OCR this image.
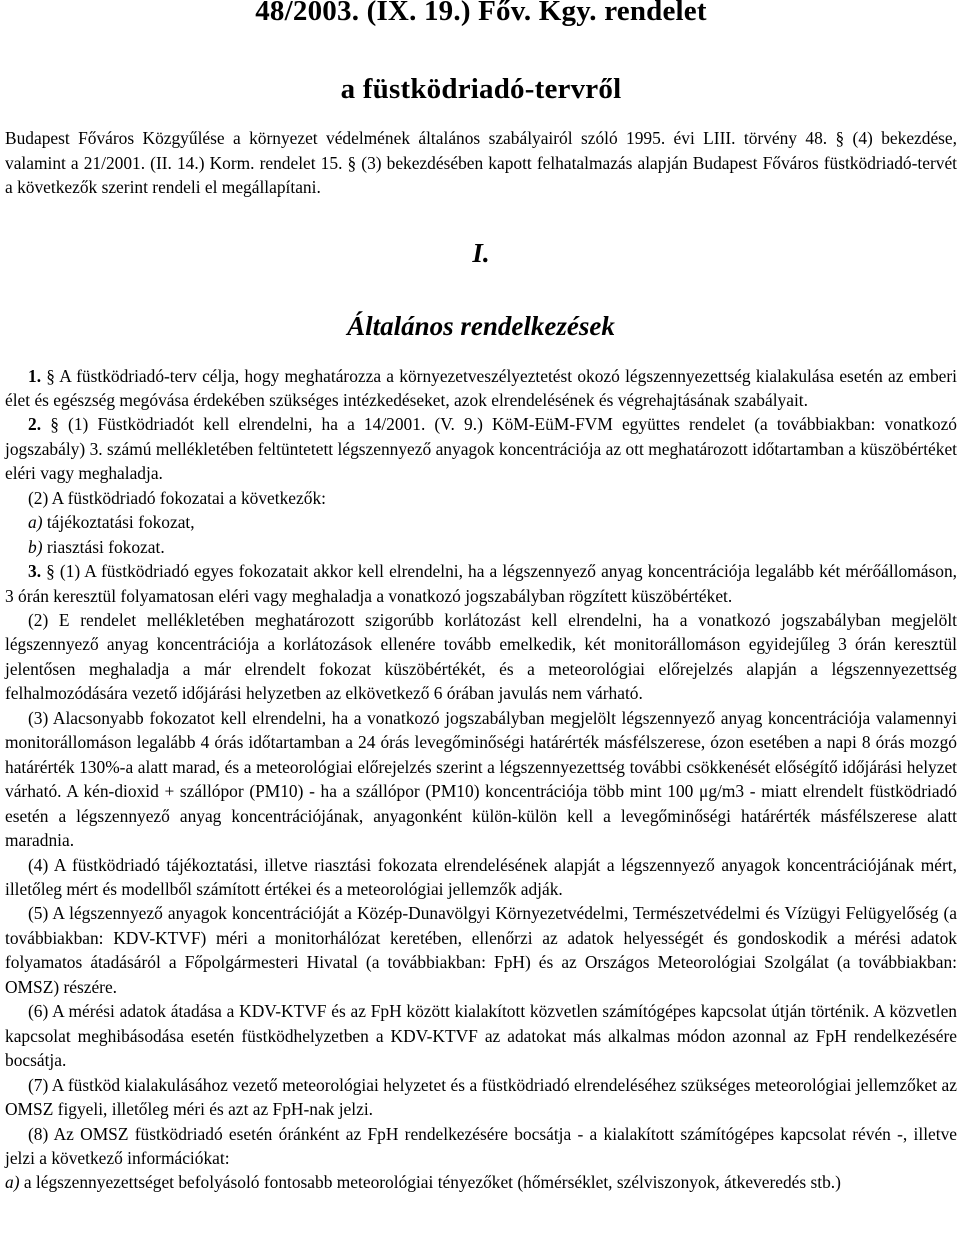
48/2003. (IX. 19.) Főv. Kgy. rendelet
a füstködriadó-tervről
Budapest Főváros Közgyűlése a környezet védelmének általános szabályairól szóló 1995. évi LIII. törvény 48. § (4) bekezdése, valamint a 21/2001. (II. 14.) Korm. rendelet 15. § (3) bekezdésében kapott felhatalmazás alapján Budapest Főváros füstködriadó-tervét a következők szerint rendeli el megállapítani.
I.
Általános rendelkezések

1. § A füstködriadó-terv célja, hogy meghatározza a környezetveszélyeztetést okozó légszennyezettség kialakulása esetén az emberi élet és egészség megóvása érdekében szükséges intézkedéseket, azok elrendelésének és végrehajtásának szabályait.

2. § (1) Füstködriadót kell elrendelni, ha a 14/2001. (V. 9.) KöM-EüM-FVM együttes rendelet (a továbbiakban: vonatkozó jogszabály) 3. számú mellékletében feltüntetett légszennyező anyagok koncentrációja az ott meghatározott időtartamban a küszöbértéket eléri vagy meghaladja.

(2) A füstködriadó fokozatai a következők:

a) tájékoztatási fokozat,

b) riasztási fokozat.

3. § (1) A füstködriadó egyes fokozatait akkor kell elrendelni, ha a légszennyező anyag koncentrációja legalább két mérőállomáson, 3 órán keresztül folyamatosan eléri vagy meghaladja a vonatkozó jogszabályban rögzített küszöbértéket.

(2) E rendelet mellékletében meghatározott szigorúbb korlátozást kell elrendelni, ha a vonatkozó jogszabályban megjelölt légszennyező anyag koncentrációja a korlátozások ellenére tovább emelkedik, két monitorállomáson egyidejűleg 3 órán keresztül jelentősen meghaladja a már elrendelt fokozat küszöbértékét, és a meteorológiai előrejelzés alapján a légszennyezettség felhalmozódására vezető időjárási helyzetben az elkövetkező 6 órában javulás nem várható.

(3) Alacsonyabb fokozatot kell elrendelni, ha a vonatkozó jogszabályban megjelölt légszennyező anyag koncentrációja valamennyi monitorállomáson legalább 4 órás időtartamban a 24 órás levegőminőségi határérték másfélszerese, ózon esetében a napi 8 órás mozgó határérték 130%-a alatt marad, és a meteorológiai előrejelzés szerint a légszennyezettség további csökkenését előségítő időjárási helyzet várható. A kén-dioxid + szállópor (PM10) - ha a szállópor (PM10) koncentrációja több mint 100 μg/m3 - miatt elrendelt füstködriadó esetén a légszennyező anyag koncentrációjának, anyagonként külön-külön kell a levegőminőségi határérték másfélszerese alatt maradnia.

(4) A füstködriadó tájékoztatási, illetve riasztási fokozata elrendelésének alapját a légszennyező anyagok koncentrációjának mért, illetőleg mért és modellből számított értékei és a meteorológiai jellemzők adják.

(5) A légszennyező anyagok koncentrációját a Közép-Dunavölgyi Környezetvédelmi, Természetvédelmi és Vízügyi Felügyelőség (a továbbiakban: KDV-KTVF) méri a monitorhálózat keretében, ellenőrzi az adatok helyességét és gondoskodik a mérési adatok folyamatos átadásáról a Főpolgármesteri Hivatal (a továbbiakban: FpH) és az Országos Meteorológiai Szolgálat (a továbbiakban: OMSZ) részére.

(6) A mérési adatok átadása a KDV-KTVF és az FpH között kialakított közvetlen számítógépes kapcsolat útján történik. A közvetlen kapcsolat meghibásodása esetén füstködhelyzetben a KDV-KTVF az adatokat más alkalmas módon azonnal az FpH rendelkezésére bocsátja.

(7) A füstköd kialakulásához vezető meteorológiai helyzetet és a füstködriadó elrendeléséhez szükséges meteorológiai jellemzőket az OMSZ figyeli, illetőleg méri és azt az FpH-nak jelzi.

(8) Az OMSZ füstködriadó esetén óránként az FpH rendelkezésére bocsátja - a kialakított számítógépes kapcsolat révén -, illetve jelzi a következő információkat:

a) a légszennyezettséget befolyásoló fontosabb meteorológiai tényezőket (hőmérséklet, szélviszonyok, átkeveredés stb.)
